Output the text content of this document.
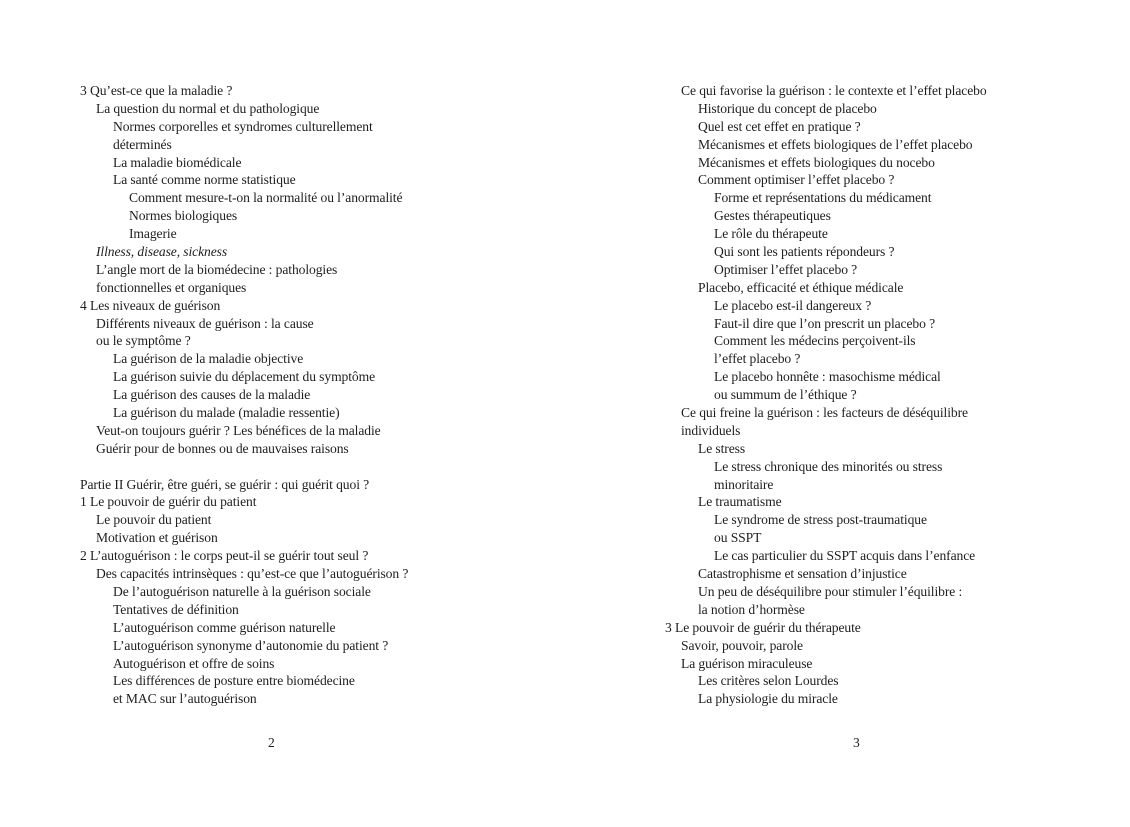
3 Qu’est-ce que la maladie ?
La question du normal et du pathologique
Normes corporelles et syndromes culturellement
déterminés
La maladie biomédicale
La santé comme norme statistique
Comment mesure-t-on la normalité ou l’anormalité
Normes biologiques
Imagerie
Illness, disease, sickness
L’angle mort de la biomédecine : pathologies
fonctionnelles et organiques
4 Les niveaux de guérison
Différents niveaux de guérison : la cause
ou le symptôme ?
La guérison de la maladie objective
La guérison suivie du déplacement du symptôme
La guérison des causes de la maladie
La guérison du malade (maladie ressentie)
Veut-on toujours guérir ? Les bénéfices de la maladie
Guérir pour de bonnes ou de mauvaises raisons
Partie II Guérir, être guéri, se guérir : qui guérit quoi ?
1 Le pouvoir de guérir du patient
Le pouvoir du patient
Motivation et guérison
2 L’autoguérison : le corps peut-il se guérir tout seul ?
Des capacités intrinsèques : qu’est-ce que l’autoguérison ?
De l’autoguérison naturelle à la guérison sociale
Tentatives de définition
L’autoguérison comme guérison naturelle
L’autoguérison synonyme d’autonomie du patient ?
Autoguérison et offre de soins
Les différences de posture entre biomédecine
et MAC sur l’autoguérison
2
Ce qui favorise la guérison : le contexte et l’effet placebo
Historique du concept de placebo
Quel est cet effet en pratique ?
Mécanismes et effets biologiques de l’effet placebo
Mécanismes et effets biologiques du nocebo
Comment optimiser l’effet placebo ?
Forme et représentations du médicament
Gestes thérapeutiques
Le rôle du thérapeute
Qui sont les patients répondeurs ?
Optimiser l’effet placebo ?
Placebo, efficacité et éthique médicale
Le placebo est-il dangereux ?
Faut-il dire que l’on prescrit un placebo ?
Comment les médecins perçoivent-ils
l’effet placebo ?
Le placebo honnête : masochisme médical
ou summum de l’éthique ?
Ce qui freine la guérison : les facteurs de déséquilibre
individuels
Le stress
Le stress chronique des minorités ou stress
minoritaire
Le traumatisme
Le syndrome de stress post-traumatique
ou SSPT
Le cas particulier du SSPT acquis dans l’enfance
Catastrophisme et sensation d’injustice
Un peu de déséquilibre pour stimuler l’équilibre :
la notion d’hormèse
3 Le pouvoir de guérir du thérapeute
Savoir, pouvoir, parole
La guérison miraculeuse
Les critères selon Lourdes
La physiologie du miracle
3
